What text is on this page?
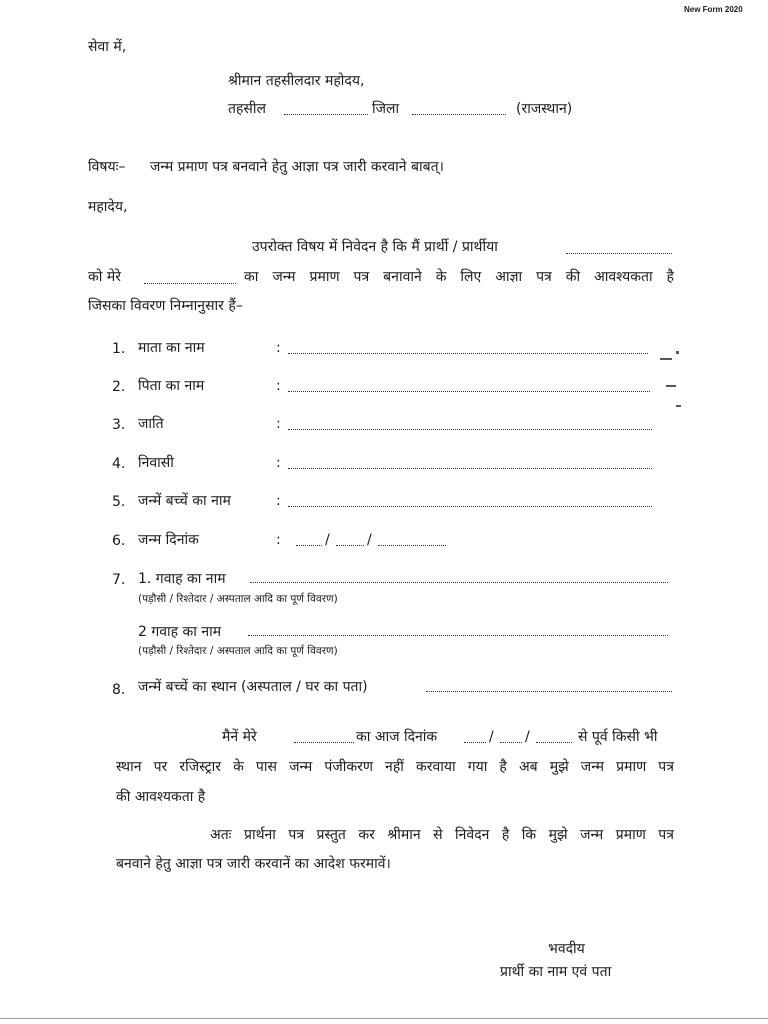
New Form 2020
सेवा में,
श्रीमान तहसीलदार महोदय,
तहसील	जिला	(राजस्थान)
विषयः– जन्म प्रमाण पत्र बनवाने हेतु आज्ञा पत्र जारी करवाने बाबत्।
महादेय,
उपरोक्त विषय में निवेदन है कि मैं प्रार्थी / प्रार्थीया
को मेरे	का जन्म प्रमाण पत्र बनावाने के लिए आज्ञा पत्र की आवश्यकता है
जिसका विवरण निम्नानुसार हैं–
1. माता का नाम	:
2. पिता का नाम	:
3. जाति	:
4. निवासी	:
5. जन्में बच्चें का नाम	:
6. जन्म दिनांक	:	/	/
7. 1. गवाह का नाम
(पड़ौसी / रिश्तेदार / अस्पताल आदि का पूर्ण विवरण)
2 गवाह का नाम
(पड़ौसी / रिश्तेदार / अस्पताल आदि का पूर्ण विवरण)
8. जन्में बच्चें का स्थान (अस्पताल / घर का पता)
मैनें मेरे	का आज दिनांक	/ /	से पूर्व किसी भी
स्थान पर रजिस्ट्रार के पास जन्म पंजीकरण नहीं करवाया गया है अब मुझे जन्म प्रमाण पत्र
की आवश्यकता है
अतः प्रार्थना पत्र प्रस्तुत कर श्रीमान से निवेदन है कि मुझे जन्म प्रमाण पत्र
बनवाने हेतु आज्ञा पत्र जारी करवानें का आदेश फरमावें।
भवदीय
प्रार्थी का नाम एवं पता
